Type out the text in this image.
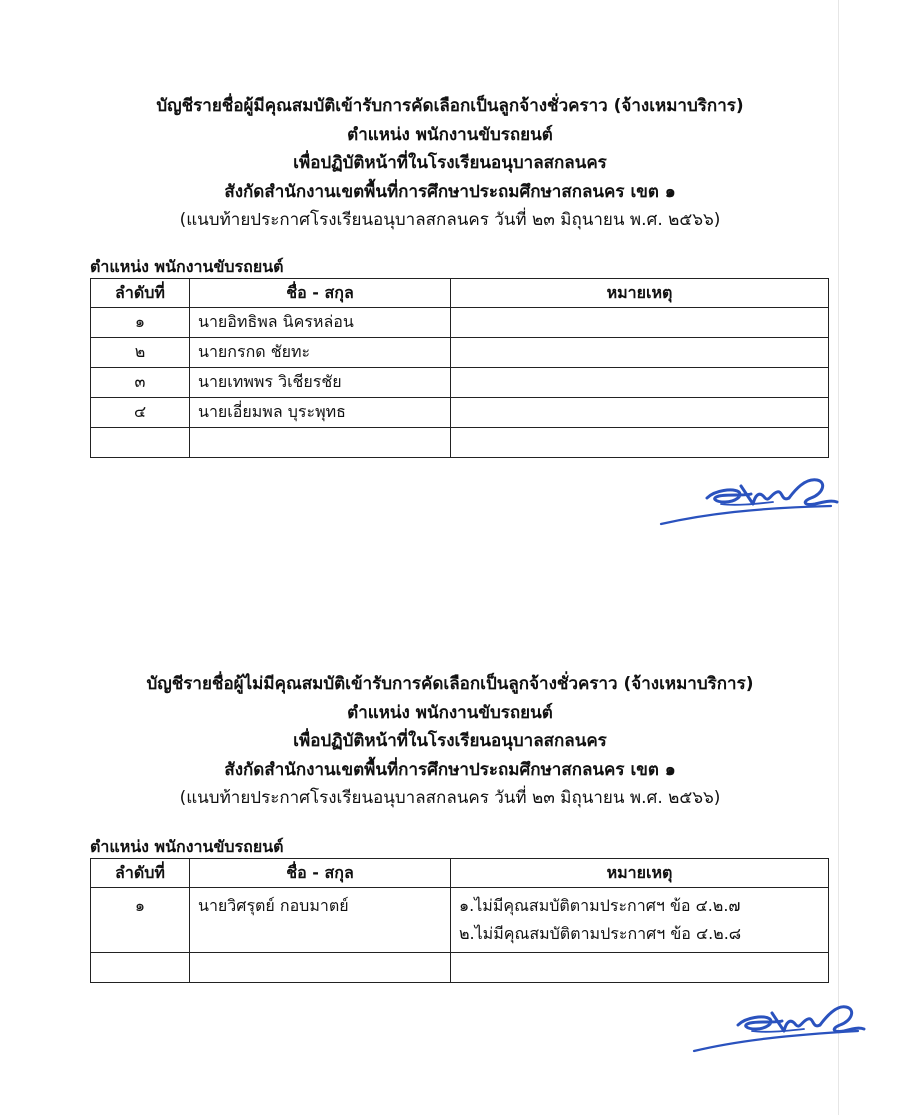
บัญชีรายชื่อผู้มีคุณสมบัติเข้ารับการคัดเลือกเป็นลูกจ้างชั่วคราว (จ้างเหมาบริการ)
ตำแหน่ง พนักงานขับรถยนต์
เพื่อปฏิบัติหน้าที่ในโรงเรียนอนุบาลสกลนคร
สังกัดสำนักงานเขตพื้นที่การศึกษาประถมศึกษาสกลนคร เขต ๑
(แนบท้ายประกาศโรงเรียนอนุบาลสกลนคร วันที่ ๒๓ มิถุนายน พ.ศ. ๒๕๖๖)
ตำแหน่ง พนักงานขับรถยนต์
ลำดับที่	ชื่อ - สกุล	หมายเหตุ
๑	นายอิทธิพล นิครหล่อน	
๒	นายกรกด ชัยทะ	
๓	นายเทพพร วิเชียรชัย	
๔	นายเอี่ยมพล บุระพุทธ	

บัญชีรายชื่อผู้ไม่มีคุณสมบัติเข้ารับการคัดเลือกเป็นลูกจ้างชั่วคราว (จ้างเหมาบริการ)
ตำแหน่ง พนักงานขับรถยนต์
เพื่อปฏิบัติหน้าที่ในโรงเรียนอนุบาลสกลนคร
สังกัดสำนักงานเขตพื้นที่การศึกษาประถมศึกษาสกลนคร เขต ๑
(แนบท้ายประกาศโรงเรียนอนุบาลสกลนคร วันที่ ๒๓ มิถุนายน พ.ศ. ๒๕๖๖)
ตำแหน่ง พนักงานขับรถยนต์
ลำดับที่	ชื่อ - สกุล	หมายเหตุ
๑	นายวิศรุตย์ กอบมาตย์	๑.ไม่มีคุณสมบัติตามประกาศฯ ข้อ ๔.๒.๗
๒.ไม่มีคุณสมบัติตามประกาศฯ ข้อ ๔.๒.๘
